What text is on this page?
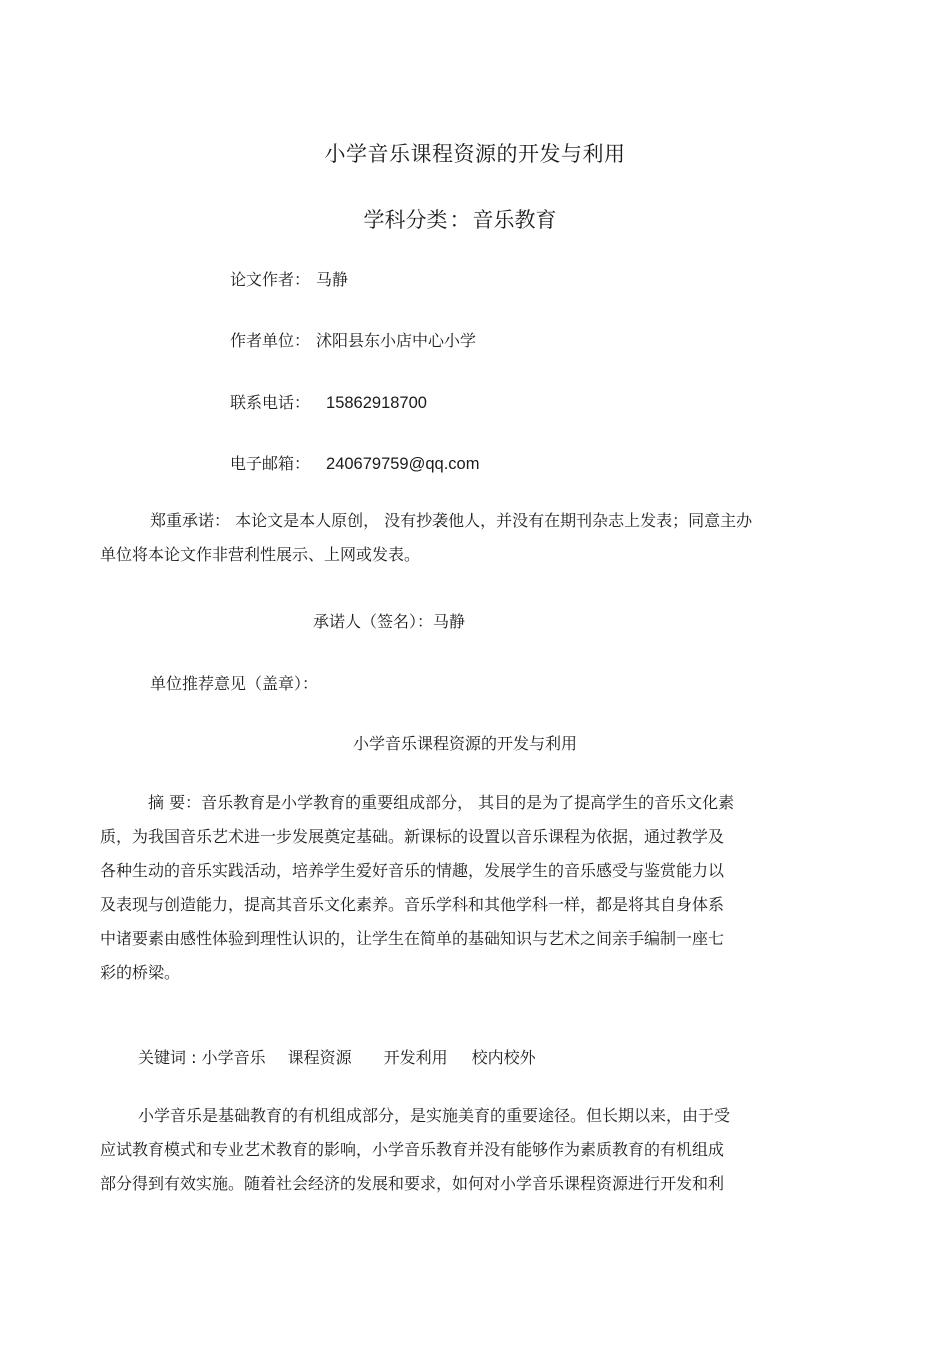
小学音乐课程资源的开发与利用
学科分类：音乐教育
论文作者： 马静
作者单位： 沭阳县东小店中心小学
联系电话： 15862918700
电子邮箱： 240679759@qq.com
郑重承诺： 本论文是本人原创， 没有抄袭他人，并没有在期刊杂志上发表；同意主办
单位将本论文作非营利性展示、上网或发表。
承诺人（签名）：马静
单位推荐意见（盖章）：
小学音乐课程资源的开发与利用
摘 要：音乐教育是小学教育的重要组成部分， 其目的是为了提高学生的音乐文化素
质，为我国音乐艺术进一步发展奠定基础。新课标的设置以音乐课程为依据，通过教学及
各种生动的音乐实践活动，培养学生爱好音乐的情趣，发展学生的音乐感受与鉴赏能力以
及表现与创造能力，提高其音乐文化素养。音乐学科和其他学科一样，都是将其自身体系
中诸要素由感性体验到理性认识的，让学生在简单的基础知识与艺术之间亲手编制一座七
彩的桥梁。
关键词 : 小学音乐 课程资源 开发利用 校内校外
小学音乐是基础教育的有机组成部分，是实施美育的重要途径。但长期以来，由于受
应试教育模式和专业艺术教育的影响，小学音乐教育并没有能够作为素质教育的有机组成
部分得到有效实施。随着社会经济的发展和要求，如何对小学音乐课程资源进行开发和利
